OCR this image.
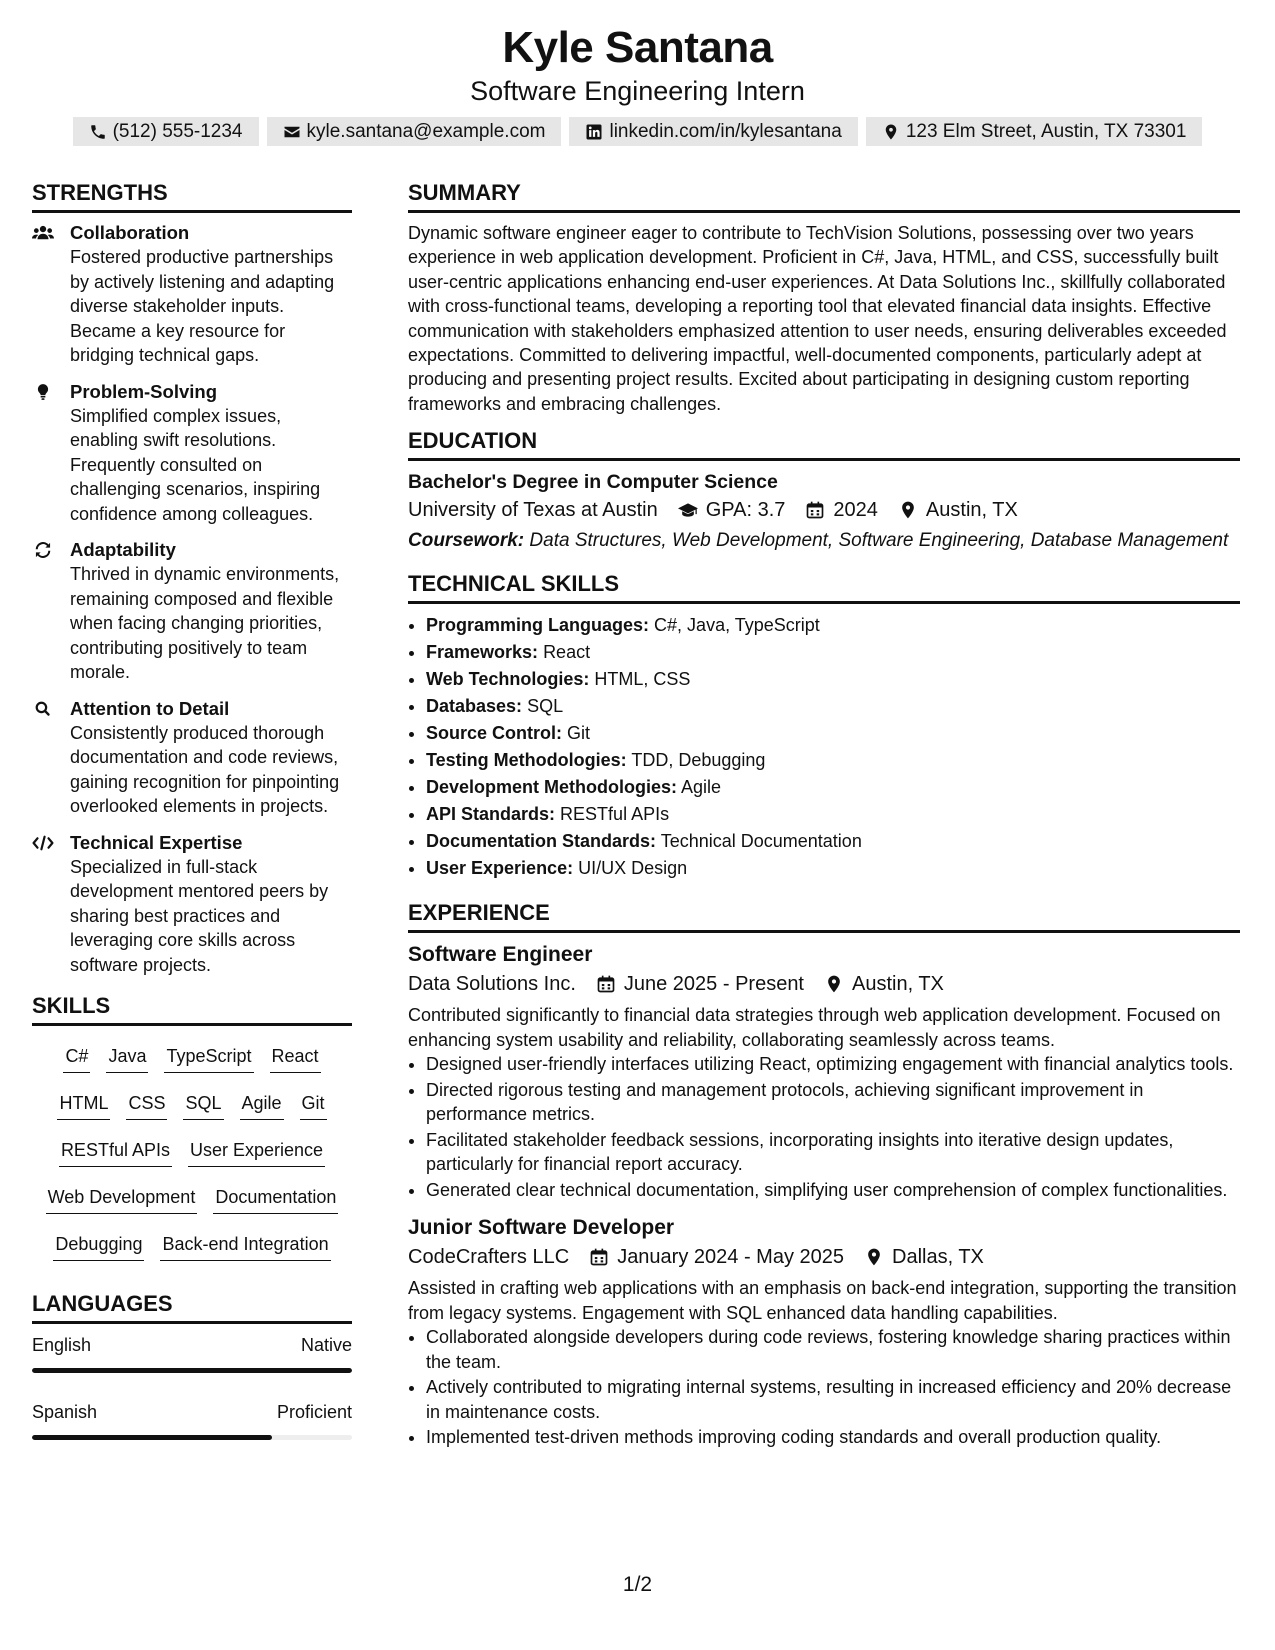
Kyle Santana
Software Engineering Intern
(512) 555-1234	kyle.santana@example.com	linkedin.com/in/kylesantana	123 Elm Street, Austin, TX 73301
STRENGTHS
Collaboration
Fostered productive partnerships by actively listening and adapting diverse stakeholder inputs. Became a key resource for bridging technical gaps.
Problem-Solving
Simplified complex issues, enabling swift resolutions. Frequently consulted on challenging scenarios, inspiring confidence among colleagues.
Adaptability
Thrived in dynamic environments, remaining composed and flexible when facing changing priorities, contributing positively to team morale.
Attention to Detail
Consistently produced thorough documentation and code reviews, gaining recognition for pinpointing overlooked elements in projects.
Technical Expertise
Specialized in full-stack development mentored peers by sharing best practices and leveraging core skills across software projects.
SKILLS
C# Java TypeScript React
HTML CSS SQL Agile Git
RESTful APIs User Experience
Web Development Documentation
Debugging Back-end Integration
LANGUAGES
English	Native
Spanish	Proficient
SUMMARY

Dynamic software engineer eager to contribute to TechVision Solutions, possessing over two years experience in web application development. Proficient in C#, Java, HTML, and CSS, successfully built user-centric applications enhancing end-user experiences. At Data Solutions Inc., skillfully collaborated with cross-functional teams, developing a reporting tool that elevated financial data insights. Effective communication with stakeholders emphasized attention to user needs, ensuring deliverables exceeded expectations. Committed to delivering impactful, well-documented components, particularly adept at producing and presenting project results. Excited about participating in designing custom reporting frameworks and embracing challenges.

EDUCATION
Bachelor's Degree in Computer Science
University of Texas at Austin GPA: 3.7 2024 Austin, TX
Coursework: Data Structures, Web Development, Software Engineering, Database Management
TECHNICAL SKILLS
• Programming Languages: C#, Java, TypeScript
• Frameworks: React
• Web Technologies: HTML, CSS
• Databases: SQL
• Source Control: Git
• Testing Methodologies: TDD, Debugging
• Development Methodologies: Agile
• API Standards: RESTful APIs
• Documentation Standards: Technical Documentation
• User Experience: UI/UX Design
EXPERIENCE
Software Engineer
Data Solutions Inc. June 2025 - Present Austin, TX
Contributed significantly to financial data strategies through web application development. Focused on enhancing system usability and reliability, collaborating seamlessly across teams.
• Designed user-friendly interfaces utilizing React, optimizing engagement with financial analytics tools.
• Directed rigorous testing and management protocols, achieving significant improvement in performance metrics.
• Facilitated stakeholder feedback sessions, incorporating insights into iterative design updates, particularly for financial report accuracy.
• Generated clear technical documentation, simplifying user comprehension of complex functionalities.
Junior Software Developer
CodeCrafters LLC January 2024 - May 2025 Dallas, TX
Assisted in crafting web applications with an emphasis on back-end integration, supporting the transition from legacy systems. Engagement with SQL enhanced data handling capabilities.
• Collaborated alongside developers during code reviews, fostering knowledge sharing practices within the team.
• Actively contributed to migrating internal systems, resulting in increased efficiency and 20% decrease in maintenance costs.
• Implemented test-driven methods improving coding standards and overall production quality.
1/2
